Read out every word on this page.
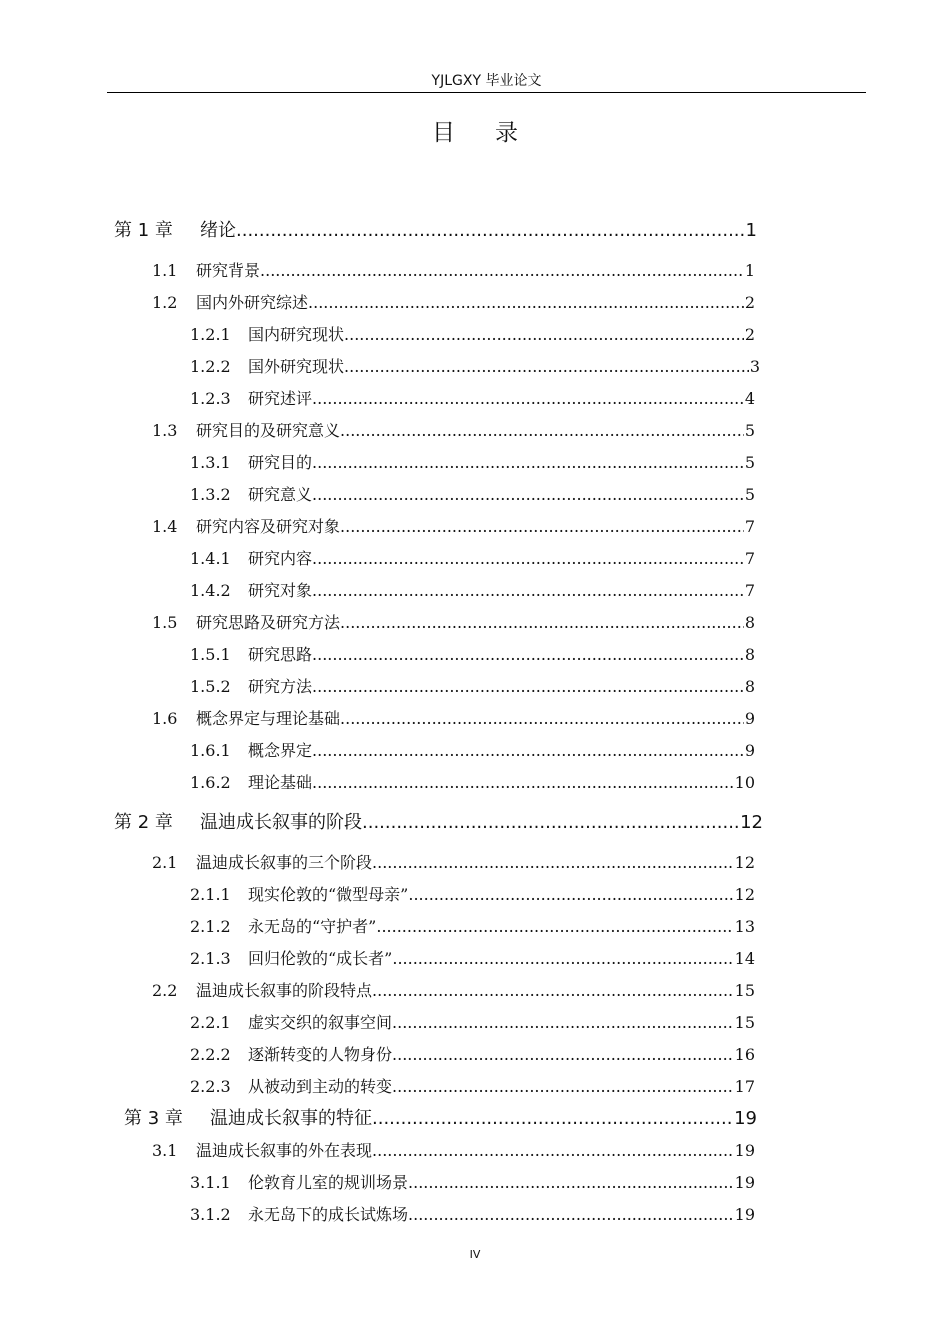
YJLGXY 毕业论文
目录
第 1 章	绪论 .....	1
1.1	研究背景 .....	1
1.2	国内外研究综述 .....	2
1.2.1	国内研究现状 .....	2
1.2.2	国外研究现状 .....	3
1.2.3	研究述评 .....	4
1.3	研究目的及研究意义 .....	5
1.3.1	研究目的 .....	5
1.3.2	研究意义 .....	5
1.4	研究内容及研究对象 .....	7
1.4.1	研究内容 .....	7
1.4.2	研究对象 .....	7
1.5	研究思路及研究方法 .....	8
1.5.1	研究思路 .....	8
1.5.2	研究方法 .....	8
1.6	概念界定与理论基础 .....	9
1.6.1	概念界定 .....	9
1.6.2	理论基础 .....	10
第 2 章	温迪成长叙事的阶段 .....	12
2.1	温迪成长叙事的三个阶段 .....	12
2.1.1	现实伦敦的“微型母亲” .....	12
2.1.2	永无岛的“守护者” .....	13
2.1.3	回归伦敦的“成长者” .....	14
2.2	温迪成长叙事的阶段特点 .....	15
2.2.1	虚实交织的叙事空间 .....	15
2.2.2	逐渐转变的人物身份 .....	16
2.2.3	从被动到主动的转变 .....	17
第 3 章	温迪成长叙事的特征 .....	19
3.1	温迪成长叙事的外在表现 .....	19
3.1.1	伦敦育儿室的规训场景 .....	19
3.1.2	永无岛下的成长试炼场 .....	19
IV
